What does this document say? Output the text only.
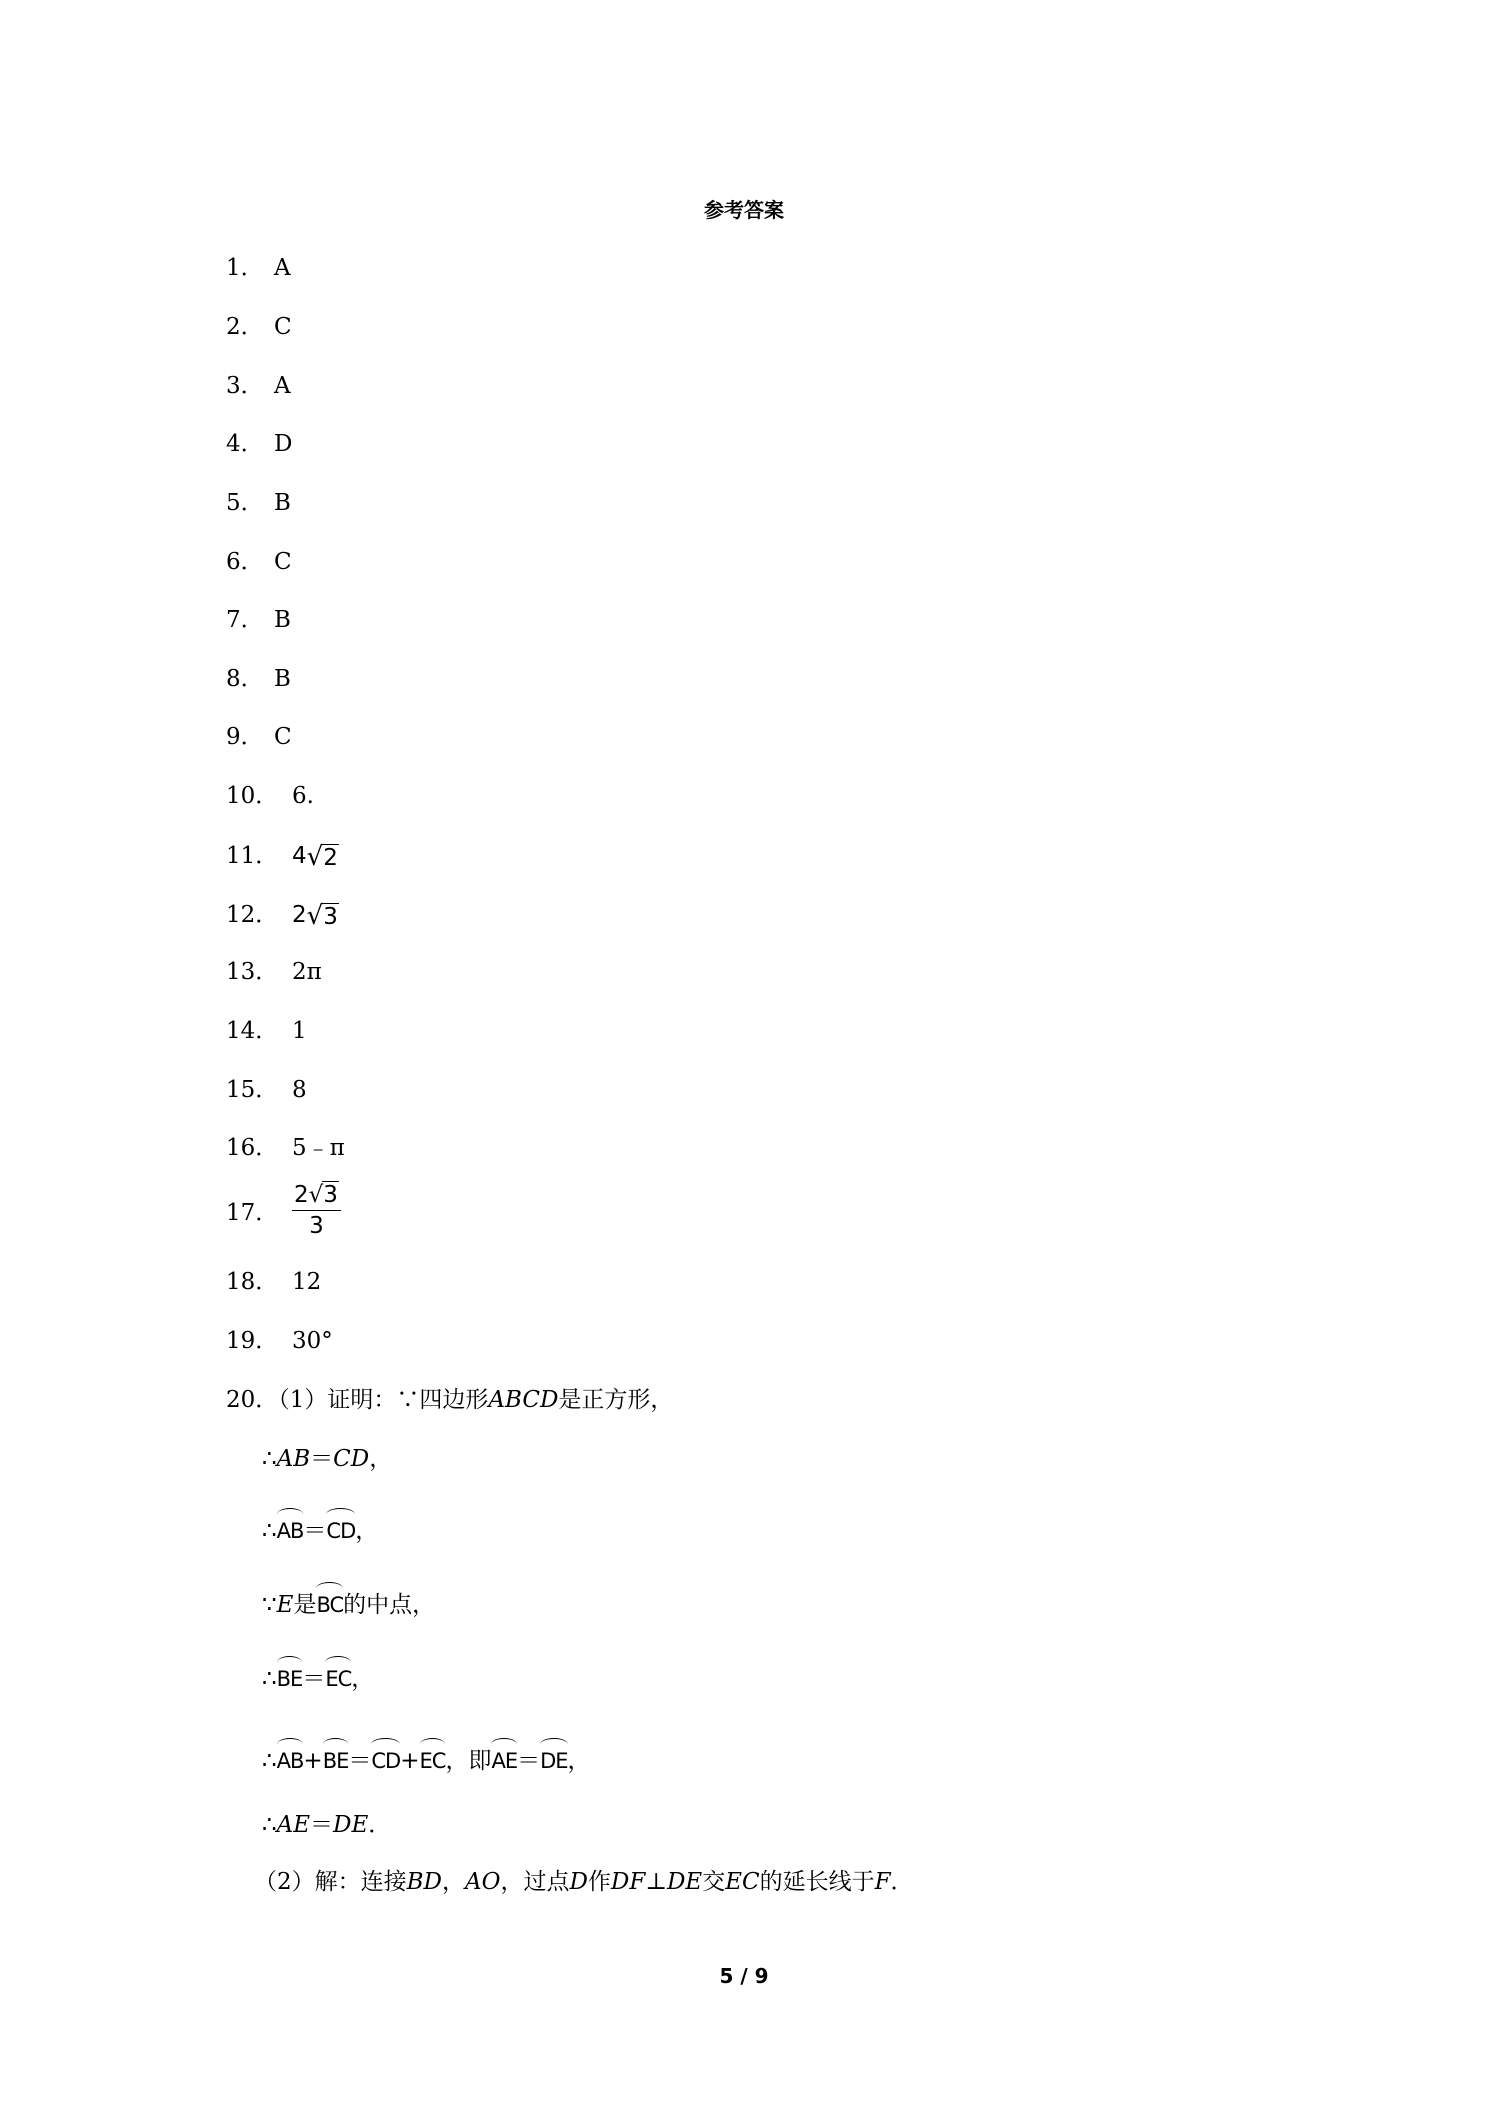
参考答案
1． A
2． C
3． A
4． D
5． B
6． C
7． B
8． B
9． C
10． 6.
11． 4√2
12． 2√3
13． 2π
14． 1
15． 8
16． 5﹣π
17． $\frac{2√3}{3}$
18． 12
19． 30°
20．（1）证明：∵四边形ABCD是正方形，
∴AB＝CD，
∴AB＝CD，
∵E是BC的中点，
∴BE＝EC，
∴AB+BE＝CD+EC，即AE＝DE，
∴AE＝DE．
（2）解：连接BD，AO，过点D作DF⊥DE交EC的延长线于F．
5 / 9
